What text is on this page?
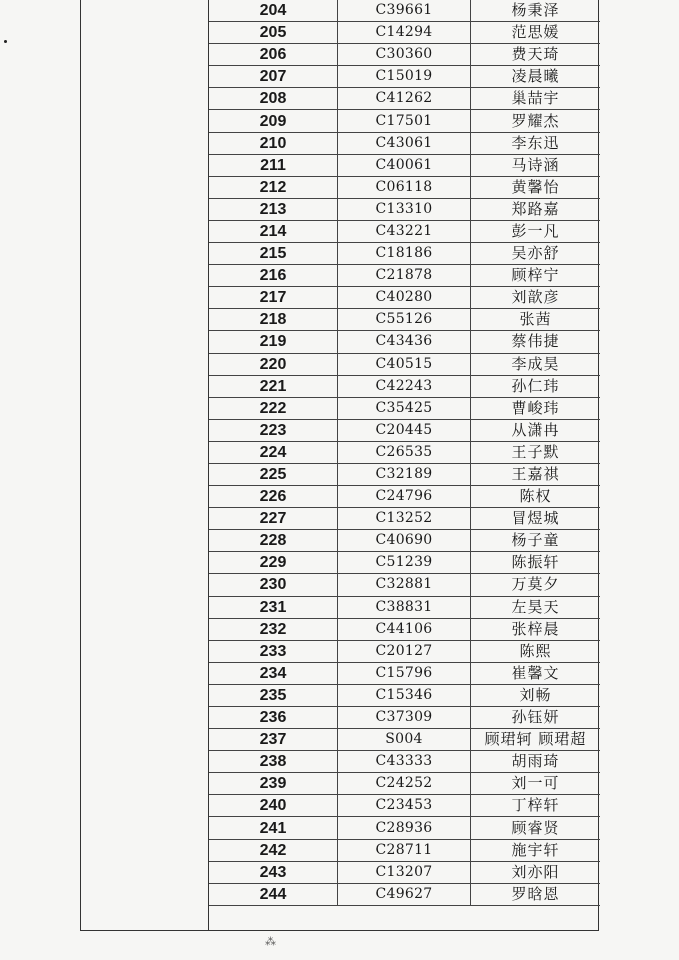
204	C39661	杨秉泽
205	C14294	范思媛
206	C30360	费天琦
207	C15019	凌晨曦
208	C41262	巢喆宇
209	C17501	罗耀杰
210	C43061	李东迅
211	C40061	马诗涵
212	C06118	黄馨怡
213	C13310	郑路嘉
214	C43221	彭一凡
215	C18186	吴亦舒
216	C21878	顾梓宁
217	C40280	刘歆彦
218	C55126	张茜
219	C43436	蔡伟捷
220	C40515	李成昊
221	C42243	孙仁玮
222	C35425	曹峻玮
223	C20445	从潇冉
224	C26535	王子默
225	C32189	王嘉祺
226	C24796	陈权
227	C13252	冒煜城
228	C40690	杨子童
229	C51239	陈振轩
230	C32881	万莫夕
231	C38831	左昊天
232	C44106	张梓晨
233	C20127	陈熙
234	C15796	崔馨文
235	C15346	刘畅
236	C37309	孙钰妍
237	S004	顾珺轲 顾珺超
238	C43333	胡雨琦
239	C24252	刘一可
240	C23453	丁梓轩
241	C28936	顾睿贤
242	C28711	施宇轩
243	C13207	刘亦阳
244	C49627	罗晗恩
⁂
